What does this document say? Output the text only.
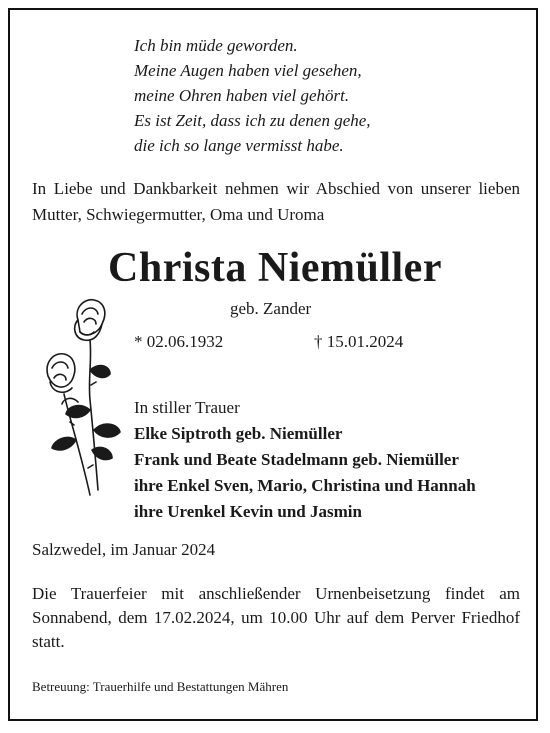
Ich bin müde geworden.
Meine Augen haben viel gesehen,
meine Ohren haben viel gehört.
Es ist Zeit, dass ich zu denen gehe,
die ich so lange vermisst habe.
In Liebe und Dankbarkeit nehmen wir Abschied von unserer lieben Mutter, Schwiegermutter, Oma und Uroma
Christa Niemüller
geb. Zander
* 02.06.1932	† 15.01.2024
In stiller Trauer
Elke Siptroth geb. Niemüller
Frank und Beate Stadelmann geb. Niemüller
ihre Enkel Sven, Mario, Christina und Hannah
ihre Urenkel Kevin und Jasmin
Salzwedel, im Januar 2024
Die Trauerfeier mit anschließender Urnenbeisetzung findet am Sonnabend, dem 17.02.2024, um 10.00 Uhr auf dem Perver Friedhof statt.
Betreuung: Trauerhilfe und Bestattungen Mähren
